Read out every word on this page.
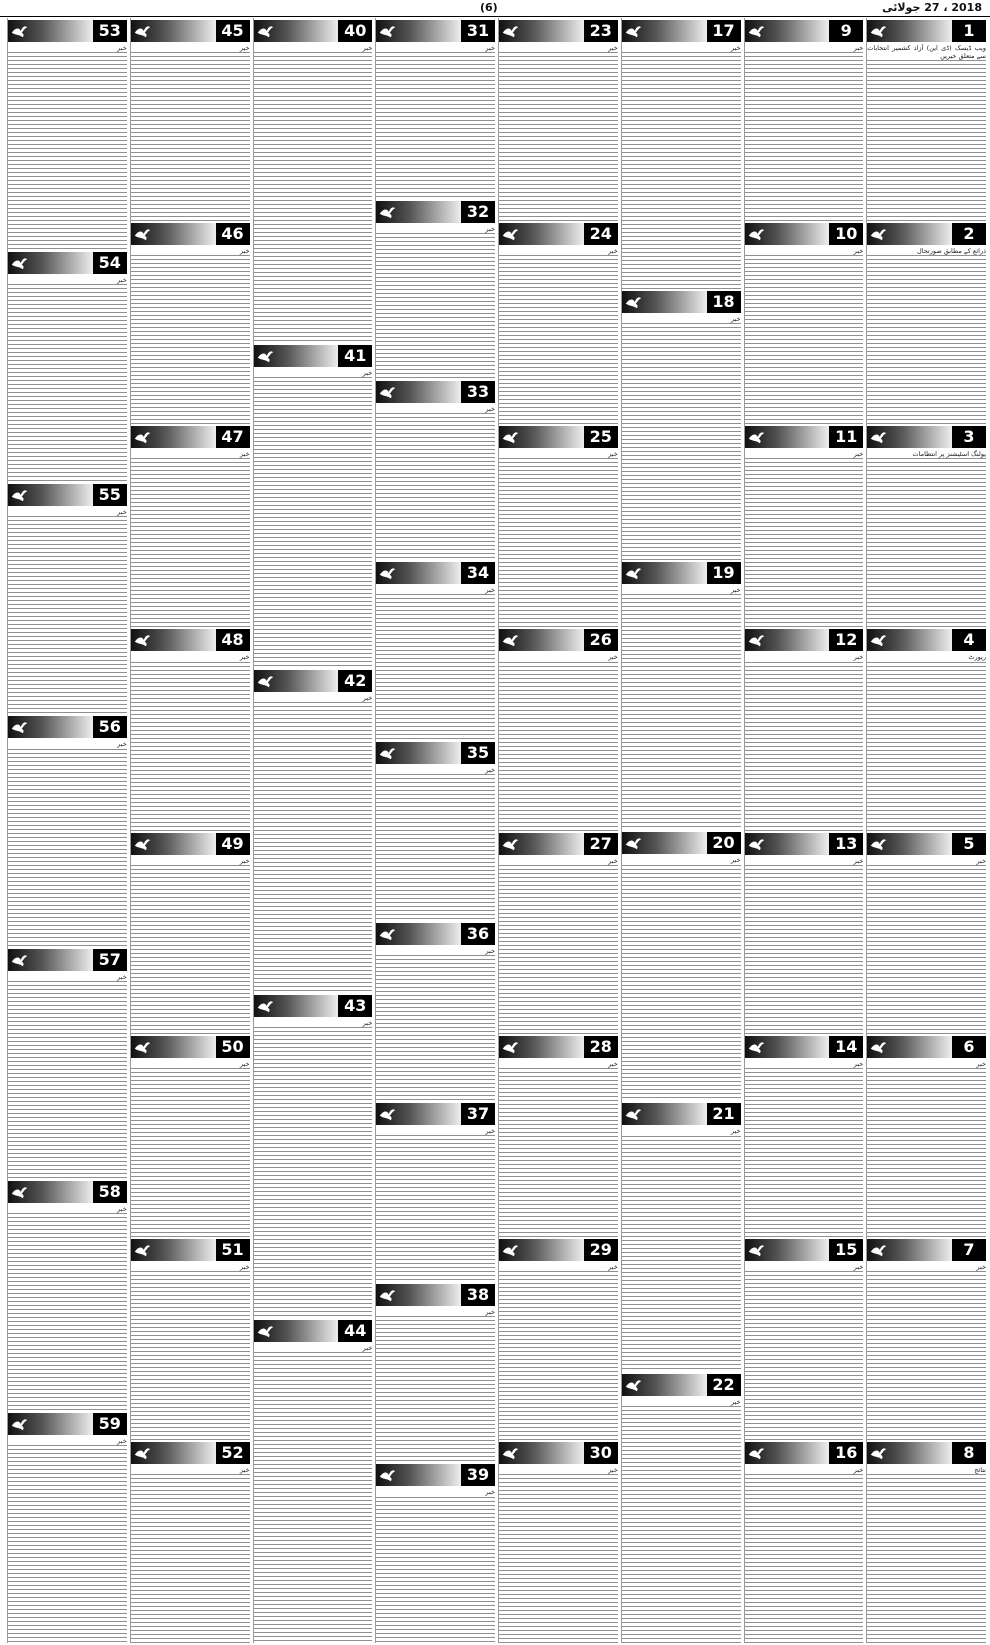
2018 ، 27 جولائی
(6)
1
ویب ڈیسک (ڈی این) آزاد کشمیر انتخابات سے متعلق خبریں
2
ذرائع کے مطابق صورتحال
3
پولنگ اسٹیشنز پر انتظامات
4
رپورٹ
5
خبر
6
خبر
7
خبر
8
نتائج
9
خبر
10
خبر
11
خبر
12
خبر
13
خبر
14
خبر
15
خبر
16
خبر
17
خبر
18
خبر
19
خبر
20
خبر
21
خبر
22
خبر
23
خبر
24
خبر
25
خبر
26
خبر
27
خبر
28
خبر
29
خبر
30
خبر
31
خبر
32
خبر
33
خبر
34
خبر
35
خبر
36
خبر
37
خبر
38
خبر
39
خبر
40
خبر
41
خبر
42
خبر
43
خبر
44
خبر
45
خبر
46
خبر
47
خبر
48
خبر
49
خبر
50
خبر
51
خبر
52
خبر
53
خبر
54
خبر
55
خبر
56
خبر
57
خبر
58
خبر
59
خبر
